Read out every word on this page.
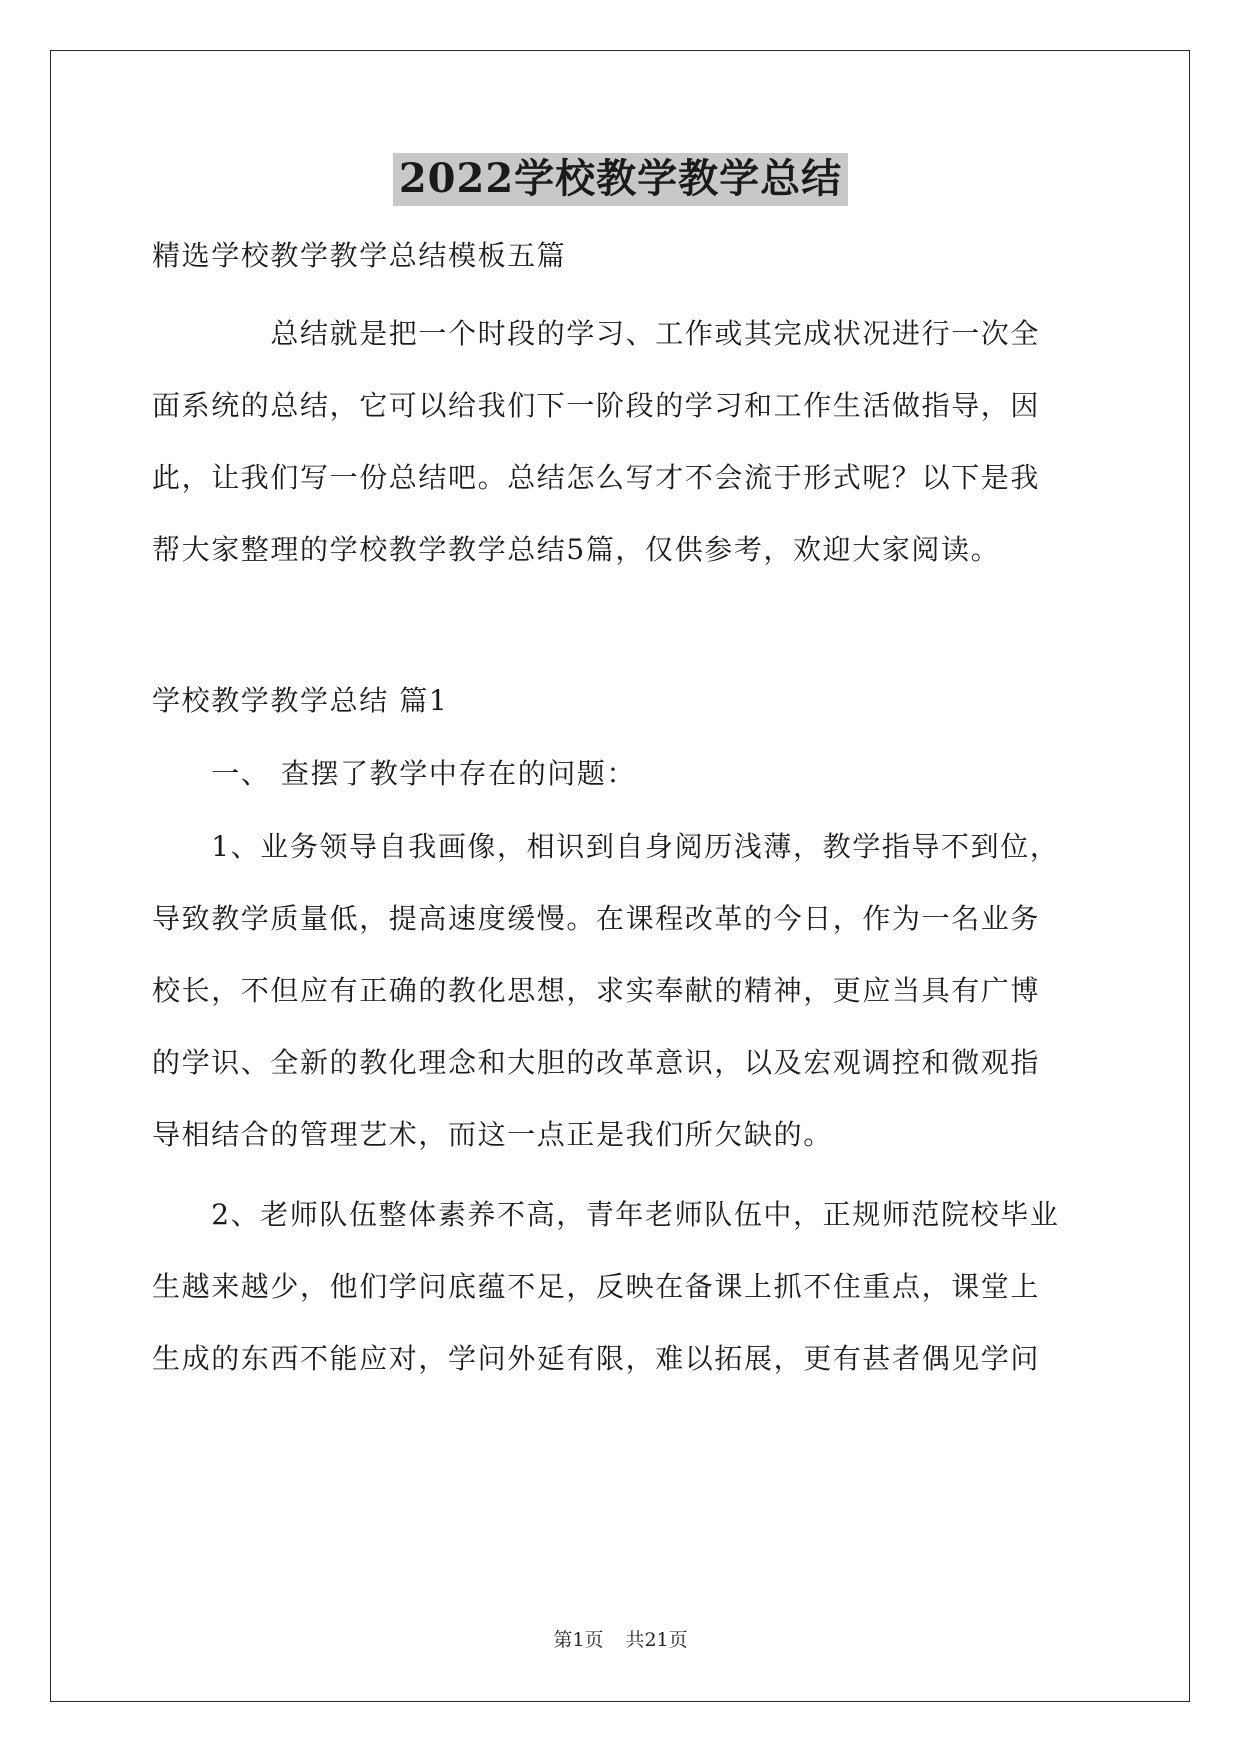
2022学校教学教学总结
精选学校教学教学总结模板五篇
　　　　总结就是把一个时段的学习、工作或其完成状况进行一次全
面系统的总结，它可以给我们下一阶段的学习和工作生活做指导，因
此，让我们写一份总结吧。总结怎么写才不会流于形式呢？以下是我
帮大家整理的学校教学教学总结5篇，仅供参考，欢迎大家阅读。
学校教学教学总结 篇1
　　一、 查摆了教学中存在的问题：
　　1、业务领导自我画像，相识到自身阅历浅薄，教学指导不到位，
导致教学质量低，提高速度缓慢。在课程改革的今日，作为一名业务
校长，不但应有正确的教化思想，求实奉献的精神，更应当具有广博
的学识、全新的教化理念和大胆的改革意识，以及宏观调控和微观指
导相结合的管理艺术，而这一点正是我们所欠缺的。
　　2、老师队伍整体素养不高，青年老师队伍中，正规师范院校毕业
生越来越少，他们学问底蕴不足，反映在备课上抓不住重点，课堂上
生成的东西不能应对，学问外延有限，难以拓展，更有甚者偶见学问
第1页 共21页
